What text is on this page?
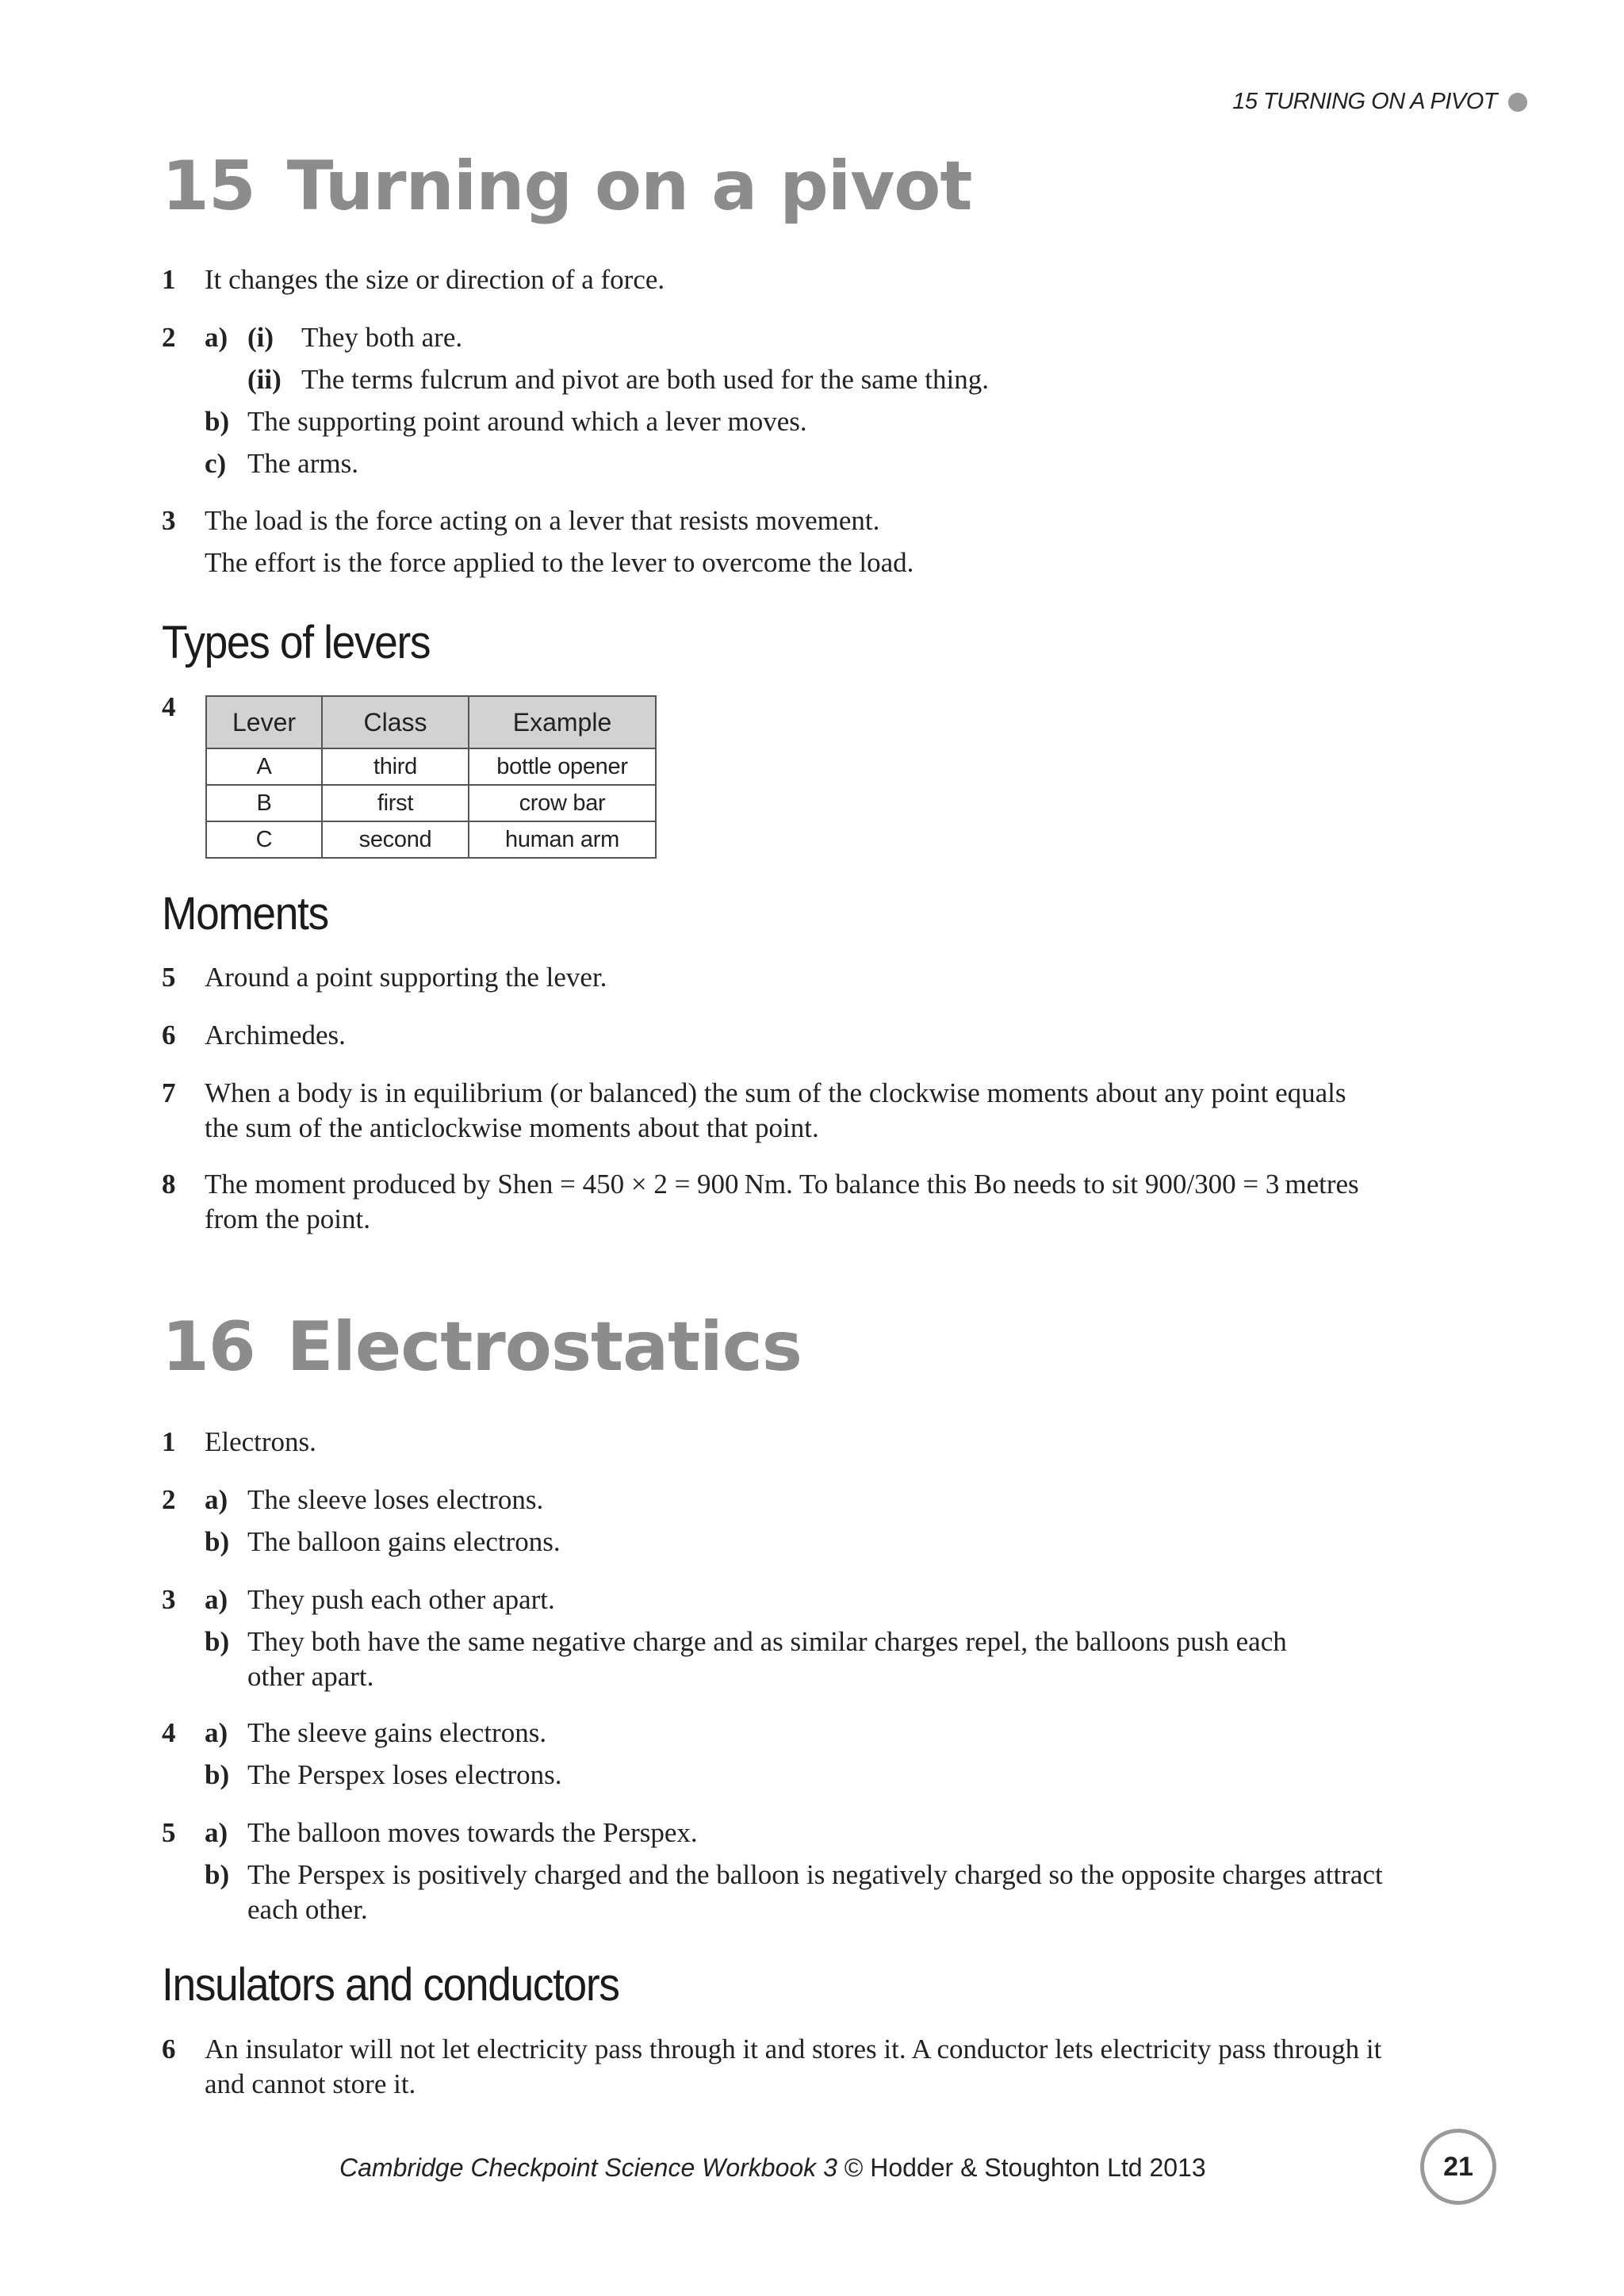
15 TURNING ON A PIVOT
15 Turning on a pivot
1 It changes the size or direction of a force.
2 a) (i) They both are.
(ii) The terms fulcrum and pivot are both used for the same thing.
b) The supporting point around which a lever moves.
c) The arms.
3 The load is the force acting on a lever that resists movement.
The effort is the force applied to the lever to overcome the load.
Types of levers
4 Lever	Class	Example
A	third	bottle opener
B	first	crow bar
C	second	human arm
Moments
5 Around a point supporting the lever.
6 Archimedes.
7 When a body is in equilibrium (or balanced) the sum of the clockwise moments about any point equals
the sum of the anticlockwise moments about that point.
8 The moment produced by Shen = 450 × 2 = 900 Nm. To balance this Bo needs to sit 900/300 = 3 metres
from the point.
16 Electrostatics
1 Electrons.
2 a) The sleeve loses electrons.
b) The balloon gains electrons.
3 a) They push each other apart.
b) They both have the same negative charge and as similar charges repel, the balloons push each
other apart.
4 a) The sleeve gains electrons.
b) The Perspex loses electrons.
5 a) The balloon moves towards the Perspex.
b) The Perspex is positively charged and the balloon is negatively charged so the opposite charges attract
each other.
Insulators and conductors
6 An insulator will not let electricity pass through it and stores it. A conductor lets electricity pass through it
and cannot store it.
Cambridge Checkpoint Science Workbook 3 © Hodder & Stoughton Ltd 2013	21
